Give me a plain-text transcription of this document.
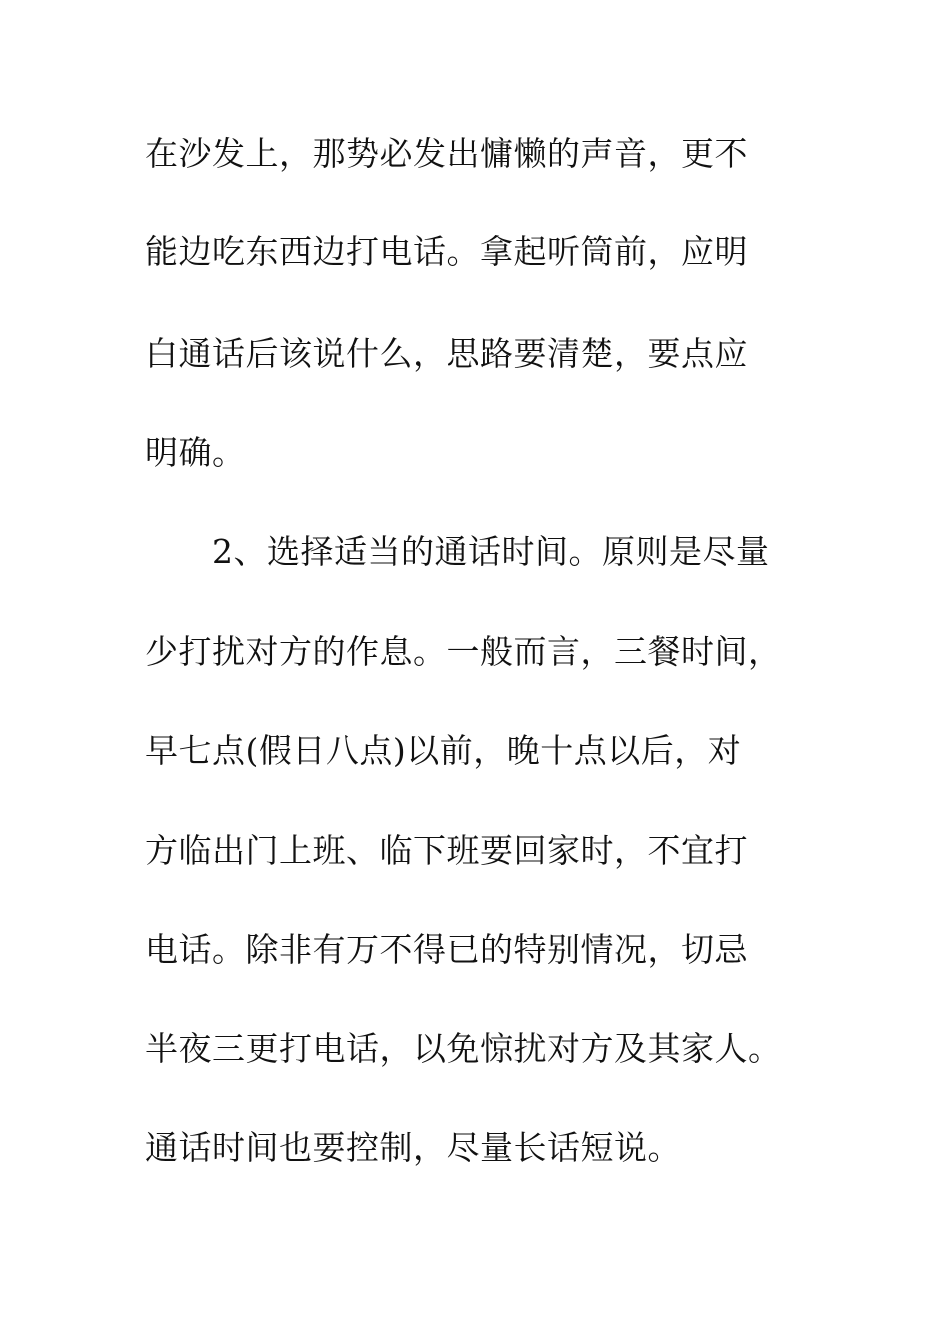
在沙发上，那势必发出慵懒的声音，更不
能边吃东西边打电话。拿起听筒前，应明
白通话后该说什么，思路要清楚，要点应
明确。
2、选择适当的通话时间。原则是尽量
少打扰对方的作息。一般而言，三餐时间，
早七点(假日八点)以前，晚十点以后，对
方临出门上班、临下班要回家时，不宜打
电话。除非有万不得已的特别情况，切忌
半夜三更打电话，以免惊扰对方及其家人。
通话时间也要控制，尽量长话短说。
